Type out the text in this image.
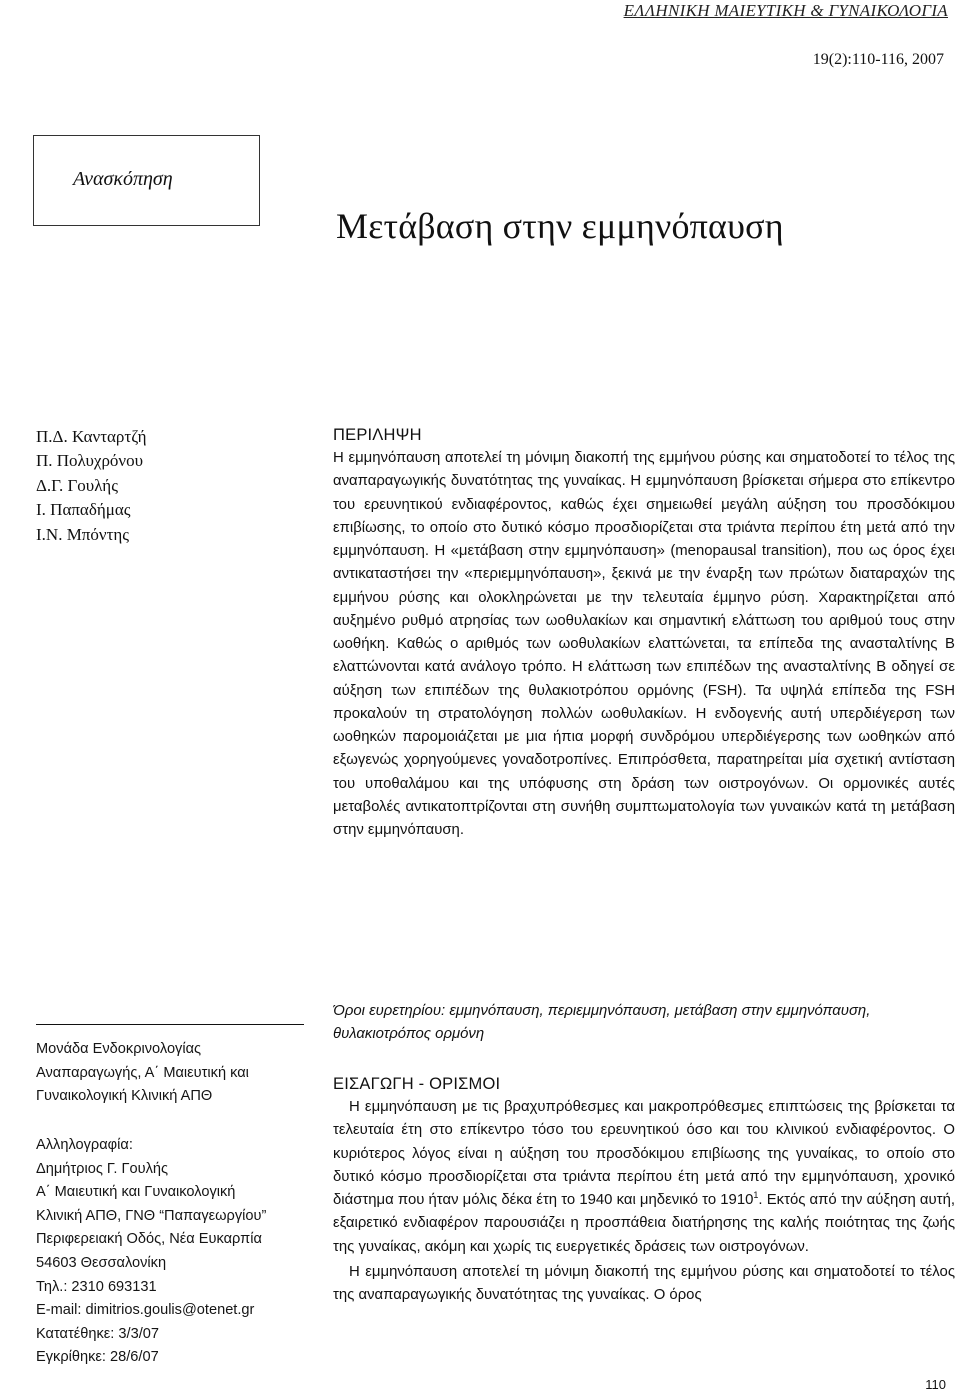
ΕΛΛΗΝΙΚΗ ΜΑΙΕΥΤΙΚΗ & ΓΥΝΑΙΚΟΛΟΓΙΑ
19(2):110-116, 2007
Ανασκόπηση
Μετάβαση στην εμμηνόπαυση
Π.Δ. Κανταρτζή
Π. Πολυχρόνου
Δ.Γ. Γουλής
Ι. Παπαδήμας
Ι.Ν. Μπόντης
Μονάδα Ενδοκρινολογίας
Αναπαραγωγής, Α΄ Μαιευτική και
Γυναικολογική Κλινική ΑΠΘ
Αλληλογραφία:
Δημήτριος Γ. Γουλής
Α΄ Μαιευτική και Γυναικολογική
Κλινική ΑΠΘ, ΓΝΘ “Παπαγεωργίου”
Περιφερειακή Οδός, Νέα Ευκαρπία
54603 Θεσσαλονίκη
Τηλ.: 2310 693131
E-mail: dimitrios.goulis@otenet.gr
Κατατέθηκε: 3/3/07
Εγκρίθηκε: 28/6/07
ΠΕΡΙΛΗΨΗ

Η εμμηνόπαυση αποτελεί τη μόνιμη διακοπή της εμμήνου ρύσης και σηματοδοτεί το τέλος της αναπαραγωγικής δυνατότητας της γυναίκας. Η εμμηνόπαυση βρίσκεται σήμερα στο επίκεντρο του ερευνητικού ενδιαφέροντος, καθώς έχει σημειωθεί μεγάλη αύξηση του προσδόκιμου επιβίωσης, το οποίο στο δυτικό κόσμο προσδιορίζεται στα τριάντα περίπου έτη μετά από την εμμηνόπαυση. Η «μετάβαση στην εμμηνόπαυση» (menopausal transition), που ως όρος έχει αντικαταστήσει την «περιεμμηνόπαυση», ξεκινά με την έναρξη των πρώτων διαταραχών της εμμήνου ρύσης και ολοκληρώνεται με την τελευταία έμμηνο ρύση. Χαρακτηρίζεται από αυξημένο ρυθμό ατρησίας των ωοθυλακίων και σημαντική ελάττωση του αριθμού τους στην ωοθήκη. Καθώς ο αριθμός των ωοθυλακίων ελαττώνεται, τα επίπεδα της ανασταλτίνης Β ελαττώνονται κατά ανάλογο τρόπο. Η ελάττωση των επιπέδων της ανασταλτίνης Β οδηγεί σε αύξηση των επιπέδων της θυλακιοτρόπου ορμόνης (FSH). Τα υψηλά επίπεδα της FSH προκαλούν τη στρατολόγηση πολλών ωοθυλακίων. Η ενδογενής αυτή υπερδιέγερση των ωοθηκών παρομοιάζεται με μια ήπια μορφή συνδρόμου υπερδιέγερσης των ωοθηκών από εξωγενώς χορηγούμενες γοναδοτροπίνες. Επιπρόσθετα, παρατηρείται μία σχετική αντίσταση του υποθαλάμου και της υπόφυσης στη δράση των οιστρογόνων. Οι ορμονικές αυτές μεταβολές αντικατοπτρίζονται στη συνήθη συμπτωματολογία των γυναικών κατά τη μετάβαση στην εμμηνόπαυση.

Όροι ευρετηρίου: εμμηνόπαυση, περιεμμηνόπαυση, μετάβαση στην εμμηνόπαυση, θυλακιοτρόπος ορμόνη

ΕΙΣΑΓΩΓΗ - ΟΡΙΣΜΟΙ

Η εμμηνόπαυση με τις βραχυπρόθεσμες και μακροπρόθεσμες επιπτώσεις της βρίσκεται τα τελευταία έτη στο επίκεντρο τόσο του ερευνητικού όσο και του κλινικού ενδιαφέροντος. Ο κυριότερος λόγος είναι η αύξηση του προσδόκιμου επιβίωσης της γυναίκας, το οποίο στο δυτικό κόσμο προσδιορίζεται στα τριάντα περίπου έτη μετά από την εμμηνόπαυση, χρονικό διάστημα που ήταν μόλις δέκα έτη το 1940 και μηδενικό το 1910$^1$. Εκτός από την αύξηση αυτή, εξαιρετικό ενδιαφέρον παρουσιάζει η προσπάθεια διατήρησης της καλής ποιότητας της ζωής της γυναίκας, ακόμη και χωρίς τις ευεργετικές δράσεις των οιστρογόνων.

Η εμμηνόπαυση αποτελεί τη μόνιμη διακοπή της εμμήνου ρύσης και σηματοδοτεί το τέλος της αναπαραγωγικής δυνατότητας της γυναίκας. Ο όρος

110
